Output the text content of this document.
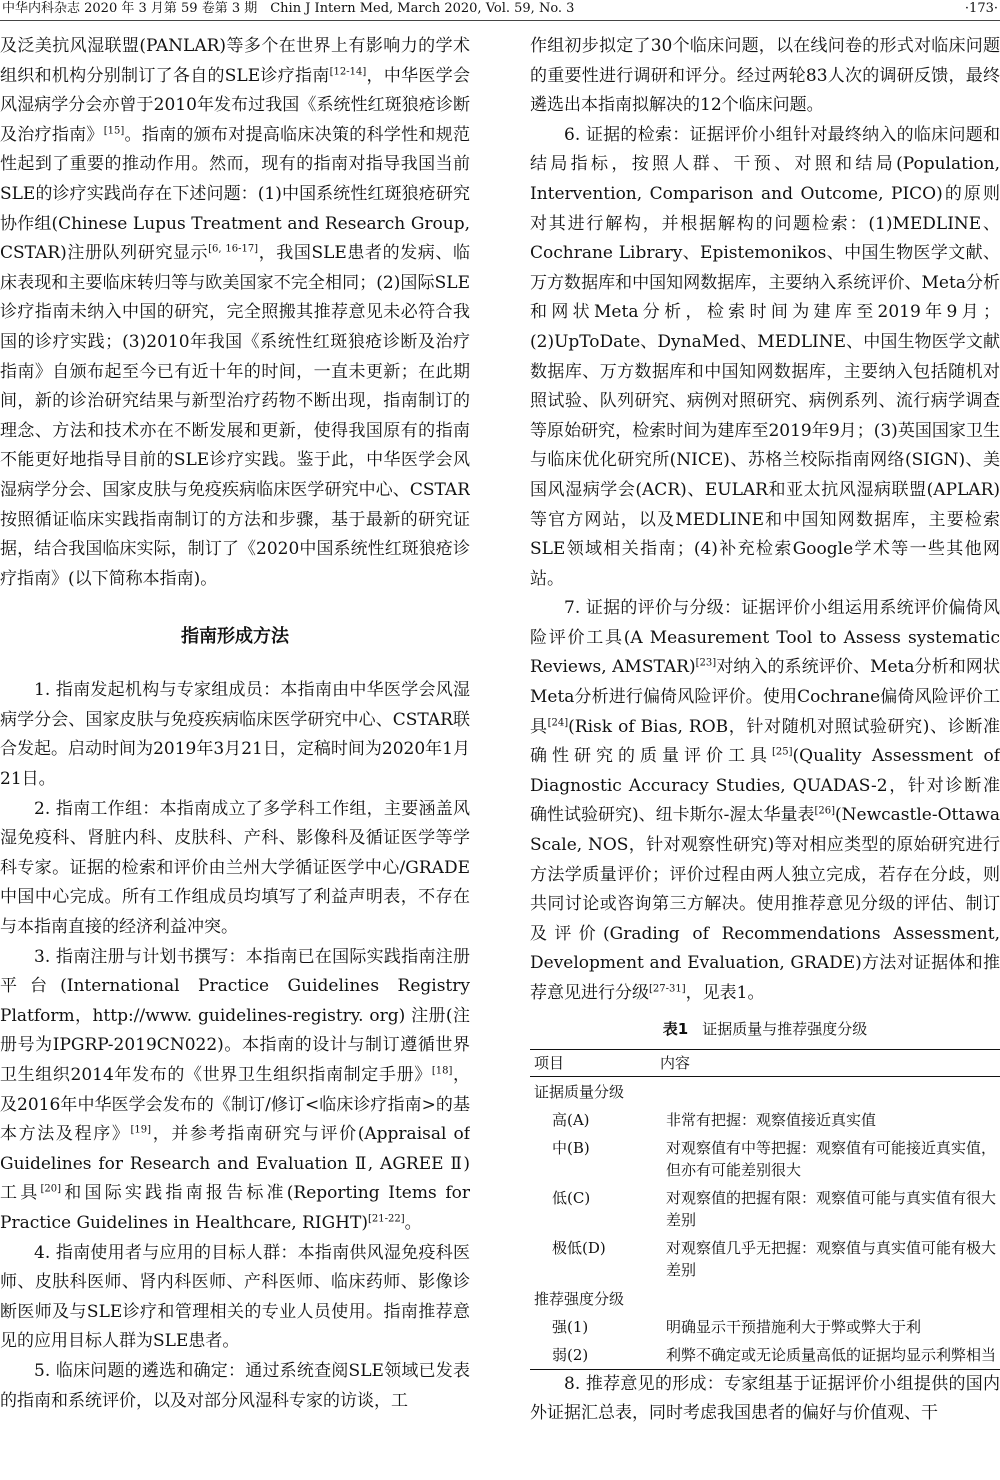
中华内科杂志 2020 年 3 月第 59 卷第 3 期　Chin J Intern Med, March 2020, Vol. 59, No. 3	·173·

及泛美抗风湿联盟(PANLAR)等多个在世界上有影响力的学术组织和机构分别制订了各自的SLE诊疗指南[12-14]，中华医学会风湿病学分会亦曾于2010年发布过我国《系统性红斑狼疮诊断及治疗指南》[15]。指南的颁布对提高临床决策的科学性和规范性起到了重要的推动作用。然而，现有的指南对指导我国当前SLE的诊疗实践尚存在下述问题：(1)中国系统性红斑狼疮研究协作组(Chinese Lupus Treatment and Research Group, CSTAR)注册队列研究显示[6, 16-17]，我国SLE患者的发病、临床表现和主要临床转归等与欧美国家不完全相同；(2)国际SLE诊疗指南未纳入中国的研究，完全照搬其推荐意见未必符合我国的诊疗实践；(3)2010年我国《系统性红斑狼疮诊断及治疗指南》自颁布起至今已有近十年的时间，一直未更新；在此期间，新的诊治研究结果与新型治疗药物不断出现，指南制订的理念、方法和技术亦在不断发展和更新，使得我国原有的指南不能更好地指导目前的SLE诊疗实践。鉴于此，中华医学会风湿病学分会、国家皮肤与免疫疾病临床医学研究中心、CSTAR按照循证临床实践指南制订的方法和步骤，基于最新的研究证据，结合我国临床实际，制订了《2020中国系统性红斑狼疮诊疗指南》(以下简称本指南)。

指南形成方法

1. 指南发起机构与专家组成员：本指南由中华医学会风湿病学分会、国家皮肤与免疫疾病临床医学研究中心、CSTAR联合发起。启动时间为2019年3月21日，定稿时间为2020年1月21日。

2. 指南工作组：本指南成立了多学科工作组，主要涵盖风湿免疫科、肾脏内科、皮肤科、产科、影像科及循证医学等学科专家。证据的检索和评价由兰州大学循证医学中心/GRADE中国中心完成。所有工作组成员均填写了利益声明表，不存在与本指南直接的经济利益冲突。

3. 指南注册与计划书撰写：本指南已在国际实践指南注册平台(International Practice Guidelines Registry Platform，http://www. guidelines-registry. org) 注册(注册号为IPGRP-2019CN022)。本指南的设计与制订遵循世界卫生组织2014年发布的《世界卫生组织指南制定手册》[18]，及2016年中华医学会发布的《制订/修订<临床诊疗指南>的基本方法及程序》[19]，并参考指南研究与评价(Appraisal of Guidelines for Research and Evaluation Ⅱ, AGREE Ⅱ)工具[20]和国际实践指南报告标准(Reporting Items for Practice Guidelines in Healthcare, RIGHT)[21-22]。

4. 指南使用者与应用的目标人群：本指南供风湿免疫科医师、皮肤科医师、肾内科医师、产科医师、临床药师、影像诊断医师及与SLE诊疗和管理相关的专业人员使用。指南推荐意见的应用目标人群为SLE患者。

5. 临床问题的遴选和确定：通过系统查阅SLE领域已发表的指南和系统评价，以及对部分风湿科专家的访谈，工

作组初步拟定了30个临床问题，以在线问卷的形式对临床问题的重要性进行调研和评分。经过两轮83人次的调研反馈，最终遴选出本指南拟解决的12个临床问题。

6. 证据的检索：证据评价小组针对最终纳入的临床问题和结局指标，按照人群、干预、对照和结局(Population, Intervention, Comparison and Outcome, PICO)的原则对其进行解构，并根据解构的问题检索：(1)MEDLINE、Cochrane Library、Epistemonikos、中国生物医学文献、万方数据库和中国知网数据库，主要纳入系统评价、Meta分析和网状Meta分析，检索时间为建库至2019年9月；(2)UpToDate、DynaMed、MEDLINE、中国生物医学文献数据库、万方数据库和中国知网数据库，主要纳入包括随机对照试验、队列研究、病例对照研究、病例系列、流行病学调查等原始研究，检索时间为建库至2019年9月；(3)英国国家卫生与临床优化研究所(NICE)、苏格兰校际指南网络(SIGN)、美国风湿病学会(ACR)、EULAR和亚太抗风湿病联盟(APLAR)等官方网站，以及MEDLINE和中国知网数据库，主要检索SLE领域相关指南；(4)补充检索Google学术等一些其他网站。

7. 证据的评价与分级：证据评价小组运用系统评价偏倚风险评价工具(A Measurement Tool to Assess systematic Reviews, AMSTAR)[23]对纳入的系统评价、Meta分析和网状Meta分析进行偏倚风险评价。使用Cochrane偏倚风险评价工具[24](Risk of Bias, ROB，针对随机对照试验研究)、诊断准确性研究的质量评价工具[25](Quality Assessment of Diagnostic Accuracy Studies, QUADAS-2，针对诊断准确性试验研究)、纽卡斯尔-渥太华量表[26](Newcastle-Ottawa Scale, NOS，针对观察性研究)等对相应类型的原始研究进行方法学质量评价；评价过程由两人独立完成，若存在分歧，则共同讨论或咨询第三方解决。使用推荐意见分级的评估、制订及评价(Grading of Recommendations Assessment, Development and Evaluation, GRADE)方法对证据体和推荐意见进行分级[27-31]，见表1。

表1 证据质量与推荐强度分级
项目	内容
证据质量分级	
高(A)	非常有把握：观察值接近真实值
中(B)	对观察值有中等把握：观察值有可能接近真实值，但亦有可能差别很大
低(C)	对观察值的把握有限：观察值可能与真实值有很大差别
极低(D)	对观察值几乎无把握：观察值与真实值可能有极大差别
推荐强度分级	
强(1)	明确显示干预措施利大于弊或弊大于利
弱(2)	利弊不确定或无论质量高低的证据均显示利弊相当

8. 推荐意见的形成：专家组基于证据评价小组提供的国内外证据汇总表，同时考虑我国患者的偏好与价值观、干
